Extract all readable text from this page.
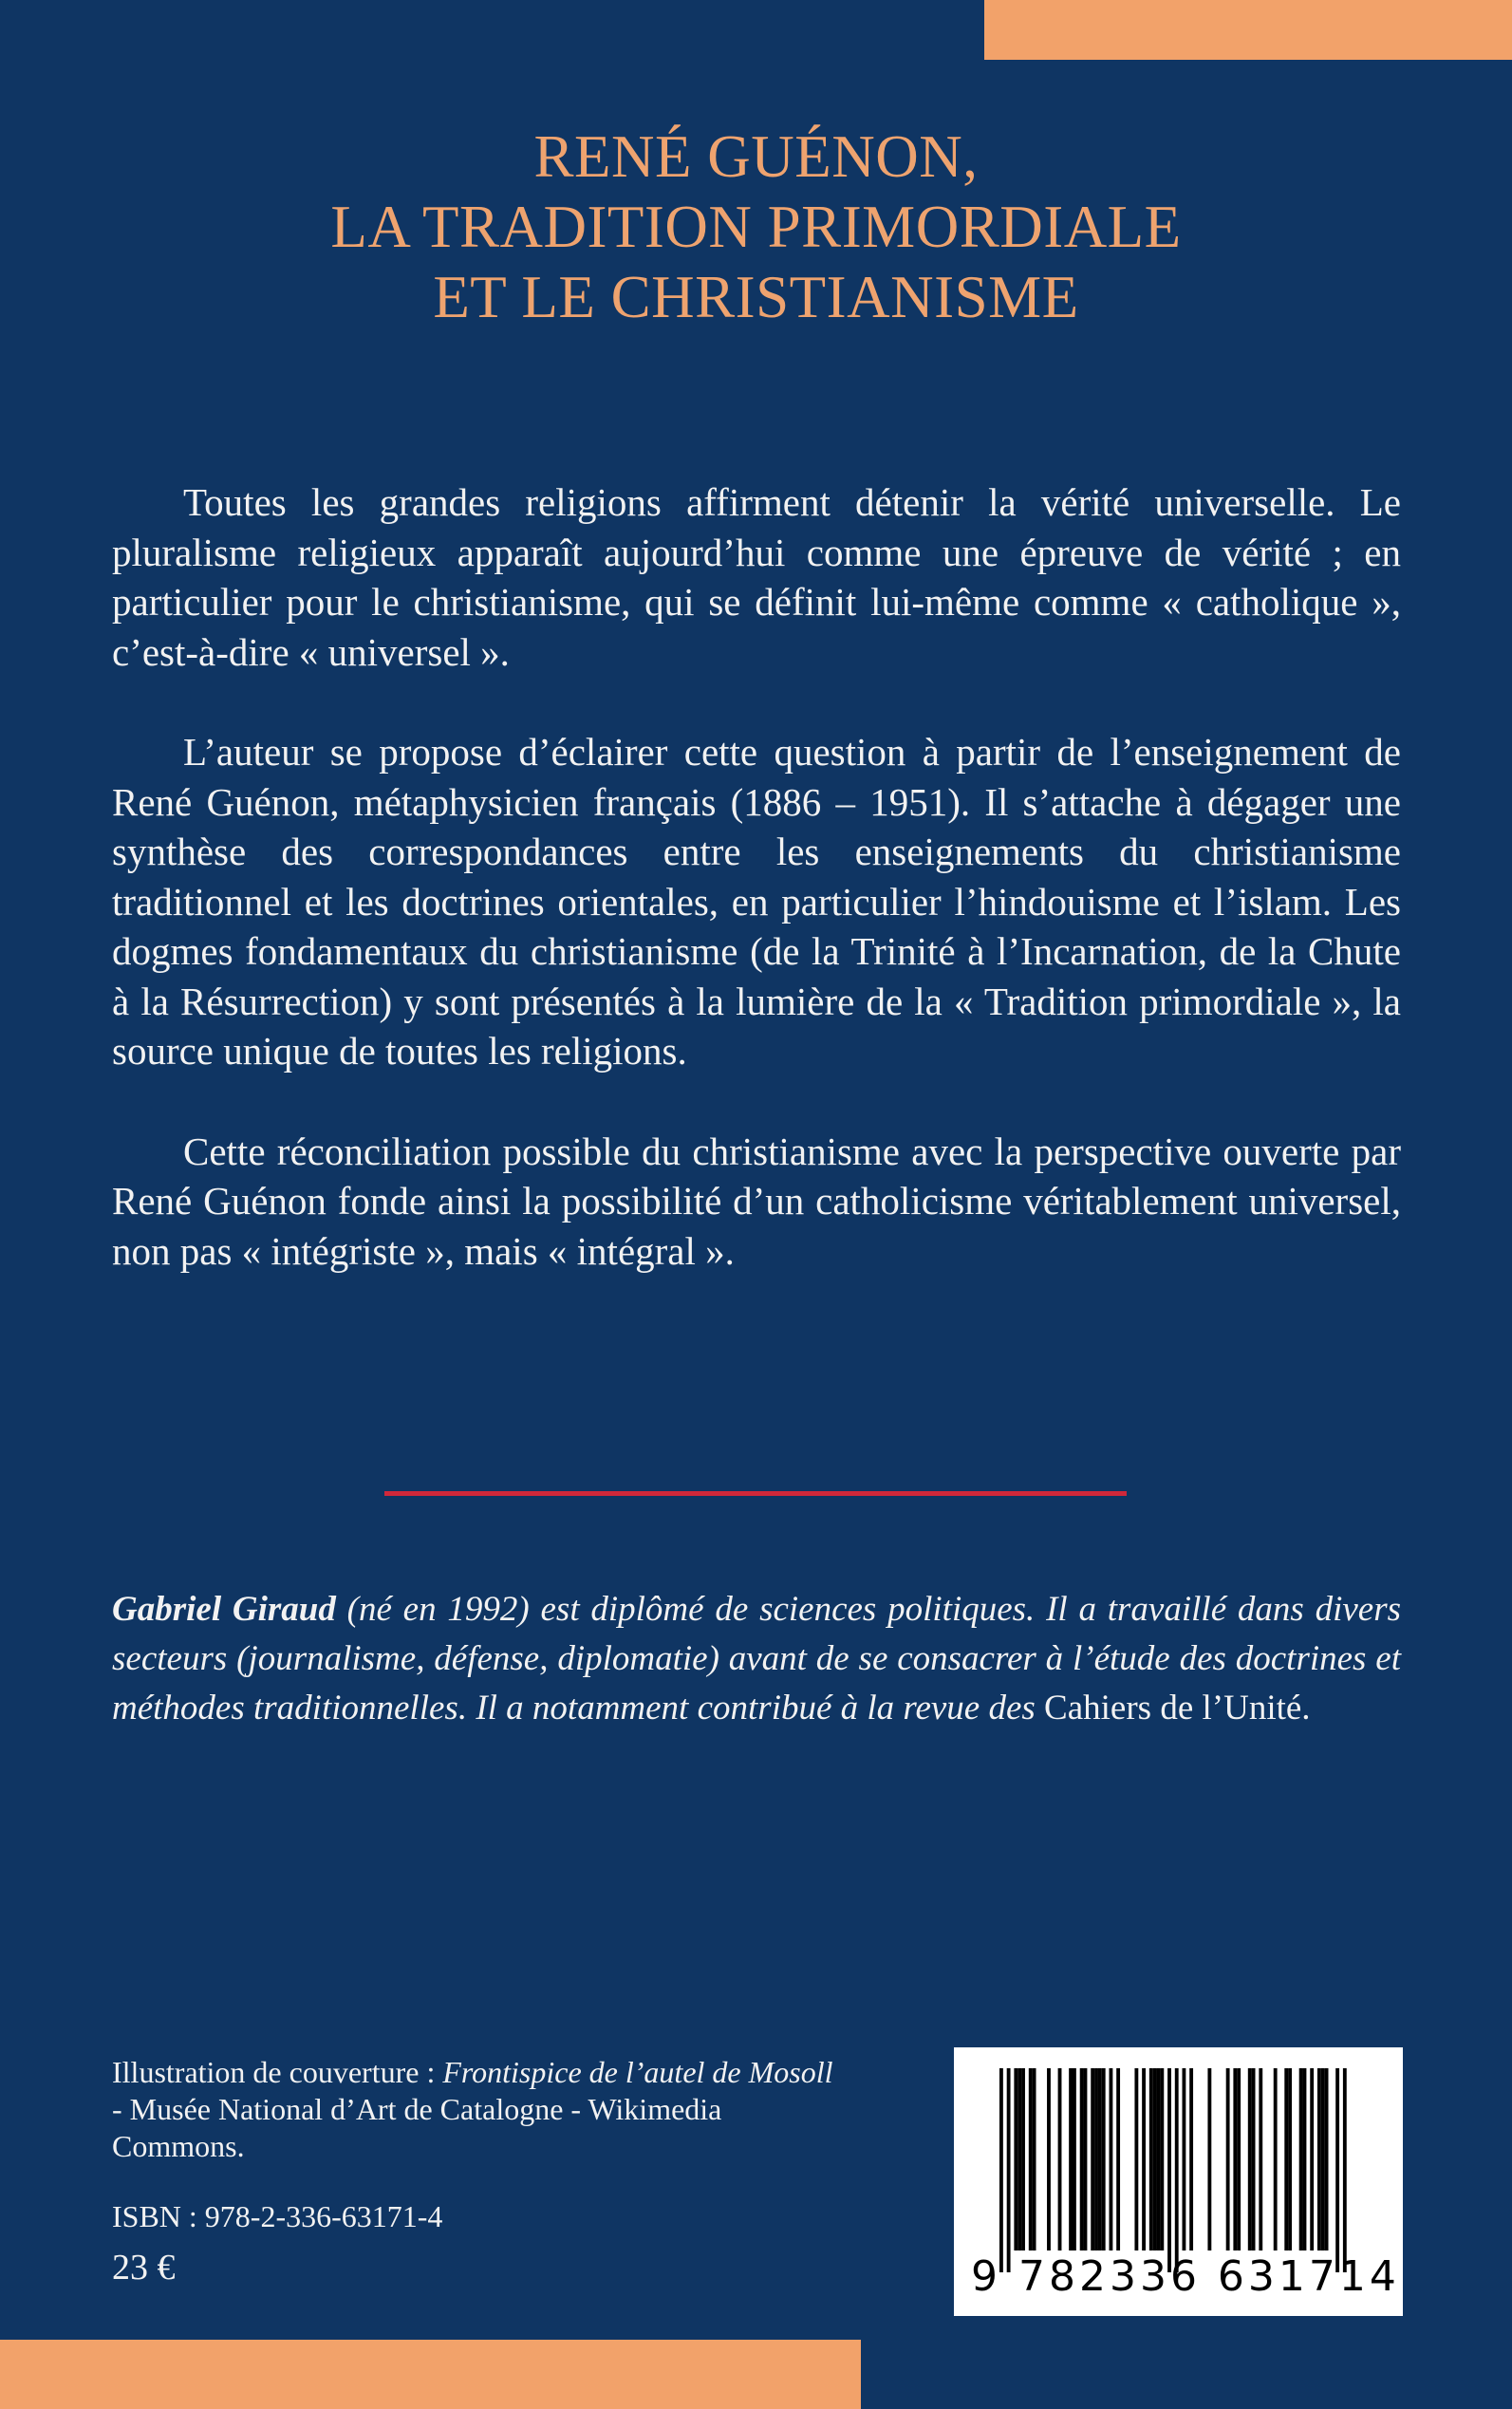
RENÉ GUÉNON,
LA TRADITION PRIMORDIALE
ET LE CHRISTIANISME

Toutes les grandes religions affirment détenir la vérité universelle. Le pluralisme religieux apparaît aujourd’hui comme une épreuve de vérité ; en particulier pour le christianisme, qui se définit lui-même comme « catholique », c’est-à-dire « universel ».

L’auteur se propose d’éclairer cette question à partir de l’enseignement de René Guénon, métaphysicien français (1886 – 1951). Il s’attache à dégager une synthèse des correspondances entre les enseignements du christianisme traditionnel et les doctrines orientales, en particulier l’hindouisme et l’islam. Les dogmes fondamentaux du christianisme (de la Trinité à l’Incarnation, de la Chute à la Résurrection) y sont présentés à la lumière de la « Tradition primordiale », la source unique de toutes les religions.

Cette réconciliation possible du christianisme avec la perspective ouverte par René Guénon fonde ainsi la possibilité d’un catholicisme véritablement universel, non pas « intégriste », mais « intégral ».

Gabriel Giraud (né en 1992) est diplômé de sciences politiques. Il a travaillé dans divers secteurs (journalisme, défense, diplomatie) avant de se consacrer à l’étude des doctrines et méthodes traditionnelles. Il a notamment contribué à la revue des Cahiers de l’Unité.
Illustration de couverture : Frontispice de l’autel de Mosoll - Musée National d’Art de Catalogne - Wikimedia Commons.
ISBN : 978-2-336-63171-4
23 €	9 782336 631714
